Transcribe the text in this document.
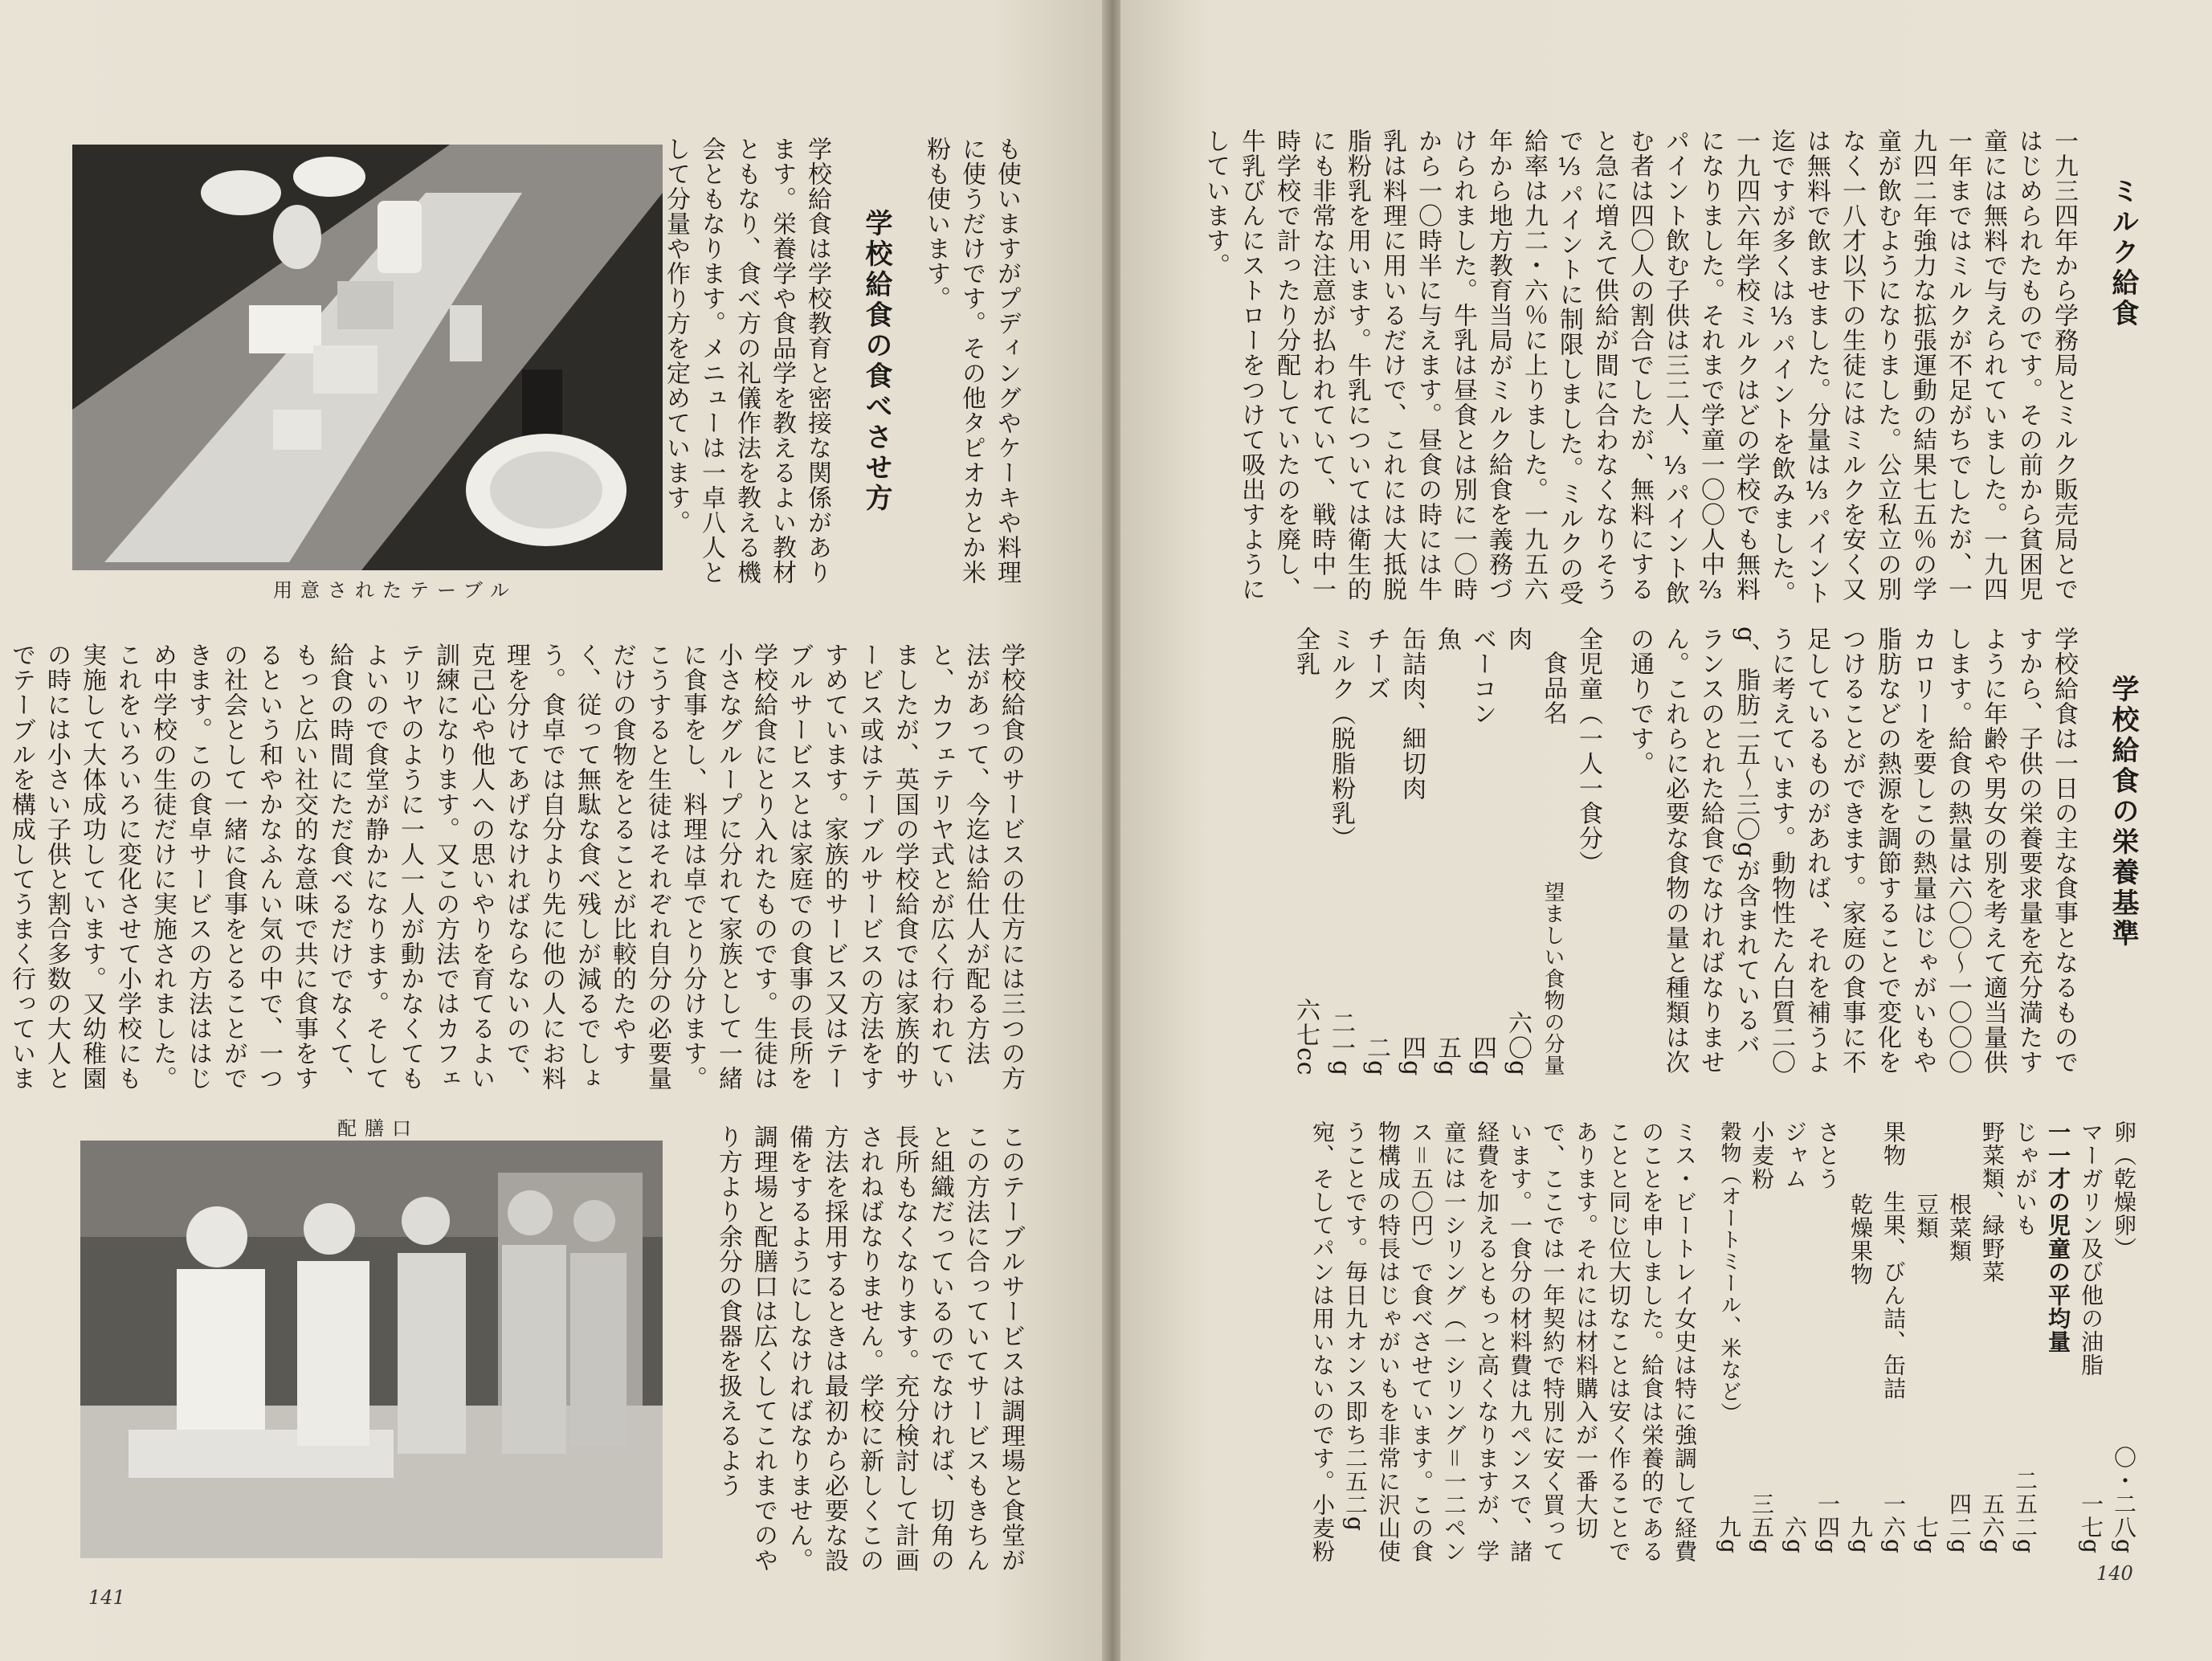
用意されたテーブル

も使いますがプディングやケーキや料理に使うだけです。その他タピオカとか米粉も使います。

学校給食の食べさせ方

学校給食は学校教育と密接な関係があります。栄養学や食品学を教えるよい教材ともなり、食べ方の礼儀作法を教える機会ともなります。メニューは一卓八人として分量や作り方を定めています。

学校給食のサービスの仕方には三つの方法があって、今迄は給仕人が配る方法と、カフェテリヤ式とが広く行われていましたが、英国の学校給食では家族的サービス或はテーブルサービスの方法をすすめています。家族的サービス又はテーブルサービスとは家庭での食事の長所を学校給食にとり入れたものです。生徒は小さなグループに分れて家族として一緒に食事をし、料理は卓でとり分けます。こうすると生徒はそれぞれ自分の必要量だけの食物をとることが比較的たやすく、従って無駄な食べ残しが減るでしょう。食卓では自分より先に他の人にお料理を分けてあげなければならないので、克己心や他人への思いやりを育てるよい訓練になります。又この方法ではカフェテリヤのように一人一人が動かなくてもよいので食堂が静かになります。そして給食の時間にただ食べるだけでなくて、もっと広い社交的な意味で共に食事をするという和やかなふんい気の中で、一つの社会として一緒に食事をとることができます。この食卓サービスの方法ははじめ中学校の生徒だけに実施されました。これをいろいろに変化させて小学校にも実施して大体成功しています。又幼稚園の時には小さい子供と割合多数の大人とでテーブルを構成してうまく行っていま

配膳口	このテーブルサービスは調理場と食堂がこの方法に合っていてサービスもきちんと組織だっているのでなければ、切角の長所もなくなります。充分検討して計画されねばなりません。学校に新しくこの方法を採用するときは最初から必要な設備をするようにしなければなりません。調理場と配膳口は広くしてこれまでのやり方より余分の食器を扱えるよう

141

ミルク給食

一九三四年から学務局とミルク販売局とではじめられたものです。その前から貧困児童には無料で与えられていました。一九四一年まではミルクが不足がちでしたが、一九四二年強力な拡張運動の結果七五％の学童が飲むようになりました。公立私立の別なく一八才以下の生徒にはミルクを安く又は無料で飲ませました。分量は⅓パイント迄ですが多くは⅓パイントを飲みました。一九四六年学校ミルクはどの学校でも無料になりました。それまで学童一〇〇人中⅔パイント飲む子供は三二人、⅓パイント飲む者は四〇人の割合でしたが、無料にすると急に増えて供給が間に合わなくなりそうで⅓パイントに制限しました。ミルクの受給率は九二・六％に上りました。一九五六年から地方教育当局がミルク給食を義務づけられました。牛乳は昼食とは別に一〇時から一〇時半に与えます。昼食の時には牛乳は料理に用いるだけで、これには大抵脱脂粉乳を用います。牛乳については衛生的にも非常な注意が払われていて、戦時中一時学校で計ったり分配していたのを廃し、牛乳びんにストローをつけて吸出すようにしています。

学校給食の栄養基準

学校給食は一日の主な食事となるものですから、子供の栄養要求量を充分満たすように年齢や男女の別を考えて適当量供します。給食の熱量は六〇〇〜一〇〇〇カロリーを要しこの熱量はじゃがいもや脂肪などの熱源を調節することで変化をつけることができます。家庭の食事に不足しているものがあれば、それを補うように考えています。動物性たん白質二〇g、脂肪二五〜三〇gが含まれているバランスのとれた給食でなければなりません。これらに必要な食物の量と種類は次の通りです。

全児童（一人一食分）

食品名
望ましい食物の分量
肉
六〇g
ベーコン
四g
魚
五g
缶詰肉、細切肉
四g
チーズ
二g
ミルク（脱脂粉乳）
二一g
全乳
六七cc
卵（乾燥卵）
〇・二八g
マーガリン及び他の油脂
一七g

一一才の児童の平均量

じゃがいも
二五二g
野菜類、緑野菜
五六g
根菜類
四二g
豆類
七g
果物　生果、びん詰、缶詰
一六g
乾燥果物
九g
さとう
一四g
ジャム
六g
小麦粉
三五g
穀物（オートミール、米など）
九g

ミス・ビートレイ女史は特に強調して経費のことを申しました。給食は栄養的であることと同じ位大切なことは安く作ることであります。それには材料購入が一番大切で、ここでは一年契約で特別に安く買っています。一食分の材料費は九ペンスで、諸経費を加えるともっと高くなりますが、学童には一シリング（一シリング＝一二ペンス＝五〇円）で食べさせています。この食物構成の特長はじゃがいもを非常に沢山使うことです。毎日九オンス即ち二五二g宛、そしてパンは用いないのです。小麦粉

140
